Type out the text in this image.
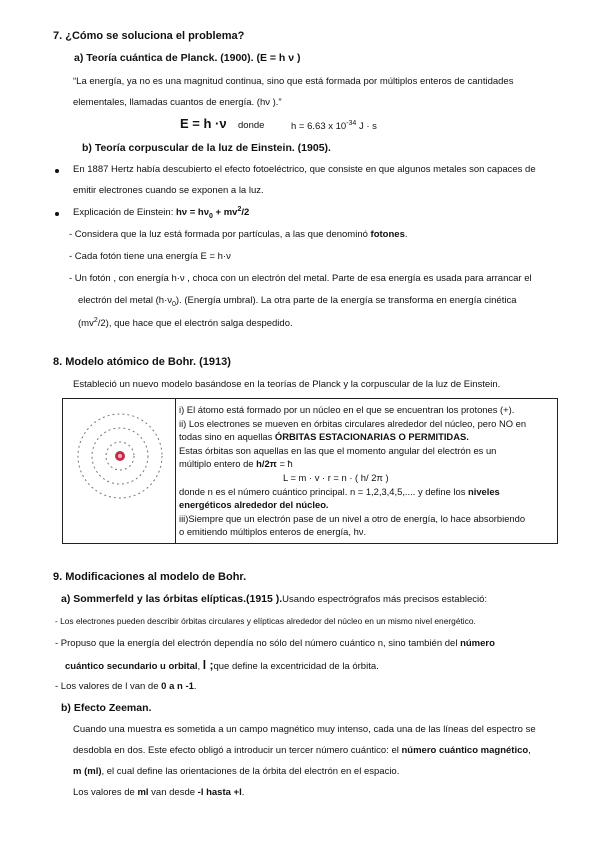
7. ¿Cómo se soluciona el problema?
a) Teoría cuántica de Planck. (1900). (E = h ν )
“La energía, ya no es una magnitud continua, sino que está formada por múltiplos enteros de cantidades
elementales, llamadas cuantos de energía. (hν ).”
E = h ·ν donde	h = 6.63 x $10^{-34}$ J · s
b) Teoría corpuscular de la luz de Einstein. (1905).
En 1887 Hertz había descubierto el efecto fotoeléctrico, que consiste en que algunos metales son capaces de
emitir electrones cuando se exponen a la luz.
Explicación de Einstein: $h\nu = h\nu_0 + mv^2/2$
- Considera que la luz está formada por partículas, a las que denominó fotones.
- Cada fotón tiene una energía E = h·ν
- Un fotón , con energía h·ν , choca con un electrón del metal. Parte de esa energía es usada para arrancar el
electrón del metal $(h\cdot\nu_0)$. (Energía umbral). La otra parte de la energía se transforma en energía cinética
$(mv^2/2)$, que hace que el electrón salga despedido.
8. Modelo atómico de Bohr. (1913)
Estableció un nuevo modelo basándose en la teorías de Planck y la corpuscular de la luz de Einstein.
i) El átomo está formado por un núcleo en el que se encuentran los protones (+).
ii) Los electrones se mueven en órbitas circulares alrededor del núcleo, pero NO en
todas sino en aquellas ÓRBITAS ESTACIONARIAS O PERMITIDAS.
Estas órbitas son aquellas en las que el momento angular del electrón es un
múltiplo entero de h/2π = ħ
L = m · v · r = n · ( h/ 2π )
donde n es el número cuántico principal. n = 1,2,3,4,5,.... y define los niveles
energéticos alrededor del núcleo.
iii)Siempre que un electrón pase de un nivel a otro de energía, lo hace absorbiendo
o emitiendo múltiplos enteros de energía, hν.
9. Modificaciones al modelo de Bohr.
a) Sommerfeld y las órbitas elípticas.(1915 ).Usando espectrógrafos más precisos estableció:
- Los electrones pueden describir órbitas circulares y elípticas alrededor del núcleo en un mismo nivel energético.
- Propuso que la energía del electrón dependía no sólo del número cuántico n, sino también del número
cuántico secundario u orbital, l ;que define la excentricidad de la órbita.
- Los valores de l van de 0 a n -1.
b) Efecto Zeeman.
Cuando una muestra es sometida a un campo magnético muy intenso, cada una de las líneas del espectro se
desdobla en dos. Este efecto obligó a introducir un tercer número cuántico: el número cuántico magnético,
m (ml), el cual define las orientaciones de la órbita del electrón en el espacio.
Los valores de ml van desde -l hasta +l.
